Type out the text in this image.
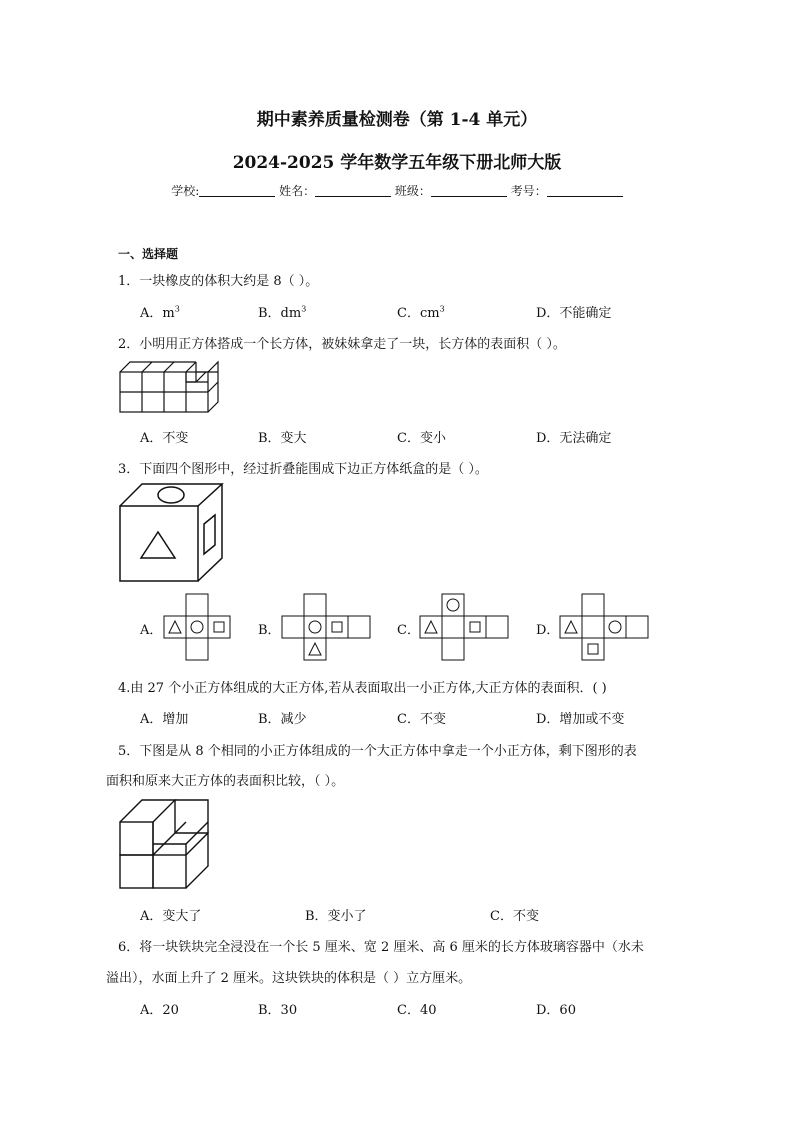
期中素养质量检测卷（第 1-4 单元）
2024-2025 学年数学五年级下册北师大版
学校:	姓名：	班级：	考号：
一、选择题
1．一块橡皮的体积大约是 8（ ）。
A．$m^3$	B．$dm^3$	C．$cm^3$	D．不能确定
2．小明用正方体搭成一个长方体，被妹妹拿走了一块，长方体的表面积（ ）。
A．不变	B．变大	C．变小	D．无法确定
3．下面四个图形中，经过折叠能围成下边正方体纸盒的是（ ）。
A．	B．	C．	D．
4.由 27 个小正方体组成的大正方体,若从表面取出一小正方体,大正方体的表面积．( )
A．增加	B．减少	C．不变	D．增加或不变
5．下图是从 8 个相同的小正方体组成的一个大正方体中拿走一个小正方体，剩下图形的表
面积和原来大正方体的表面积比较，（ ）。
A．变大了	B．变小了	C．不变
6．将一块铁块完全浸没在一个长 5 厘米、宽 2 厘米、高 6 厘米的长方体玻璃容器中（水未
溢出），水面上升了 2 厘米。这块铁块的体积是（ ）立方厘米。
A．20	B．30	C．40	D．60
